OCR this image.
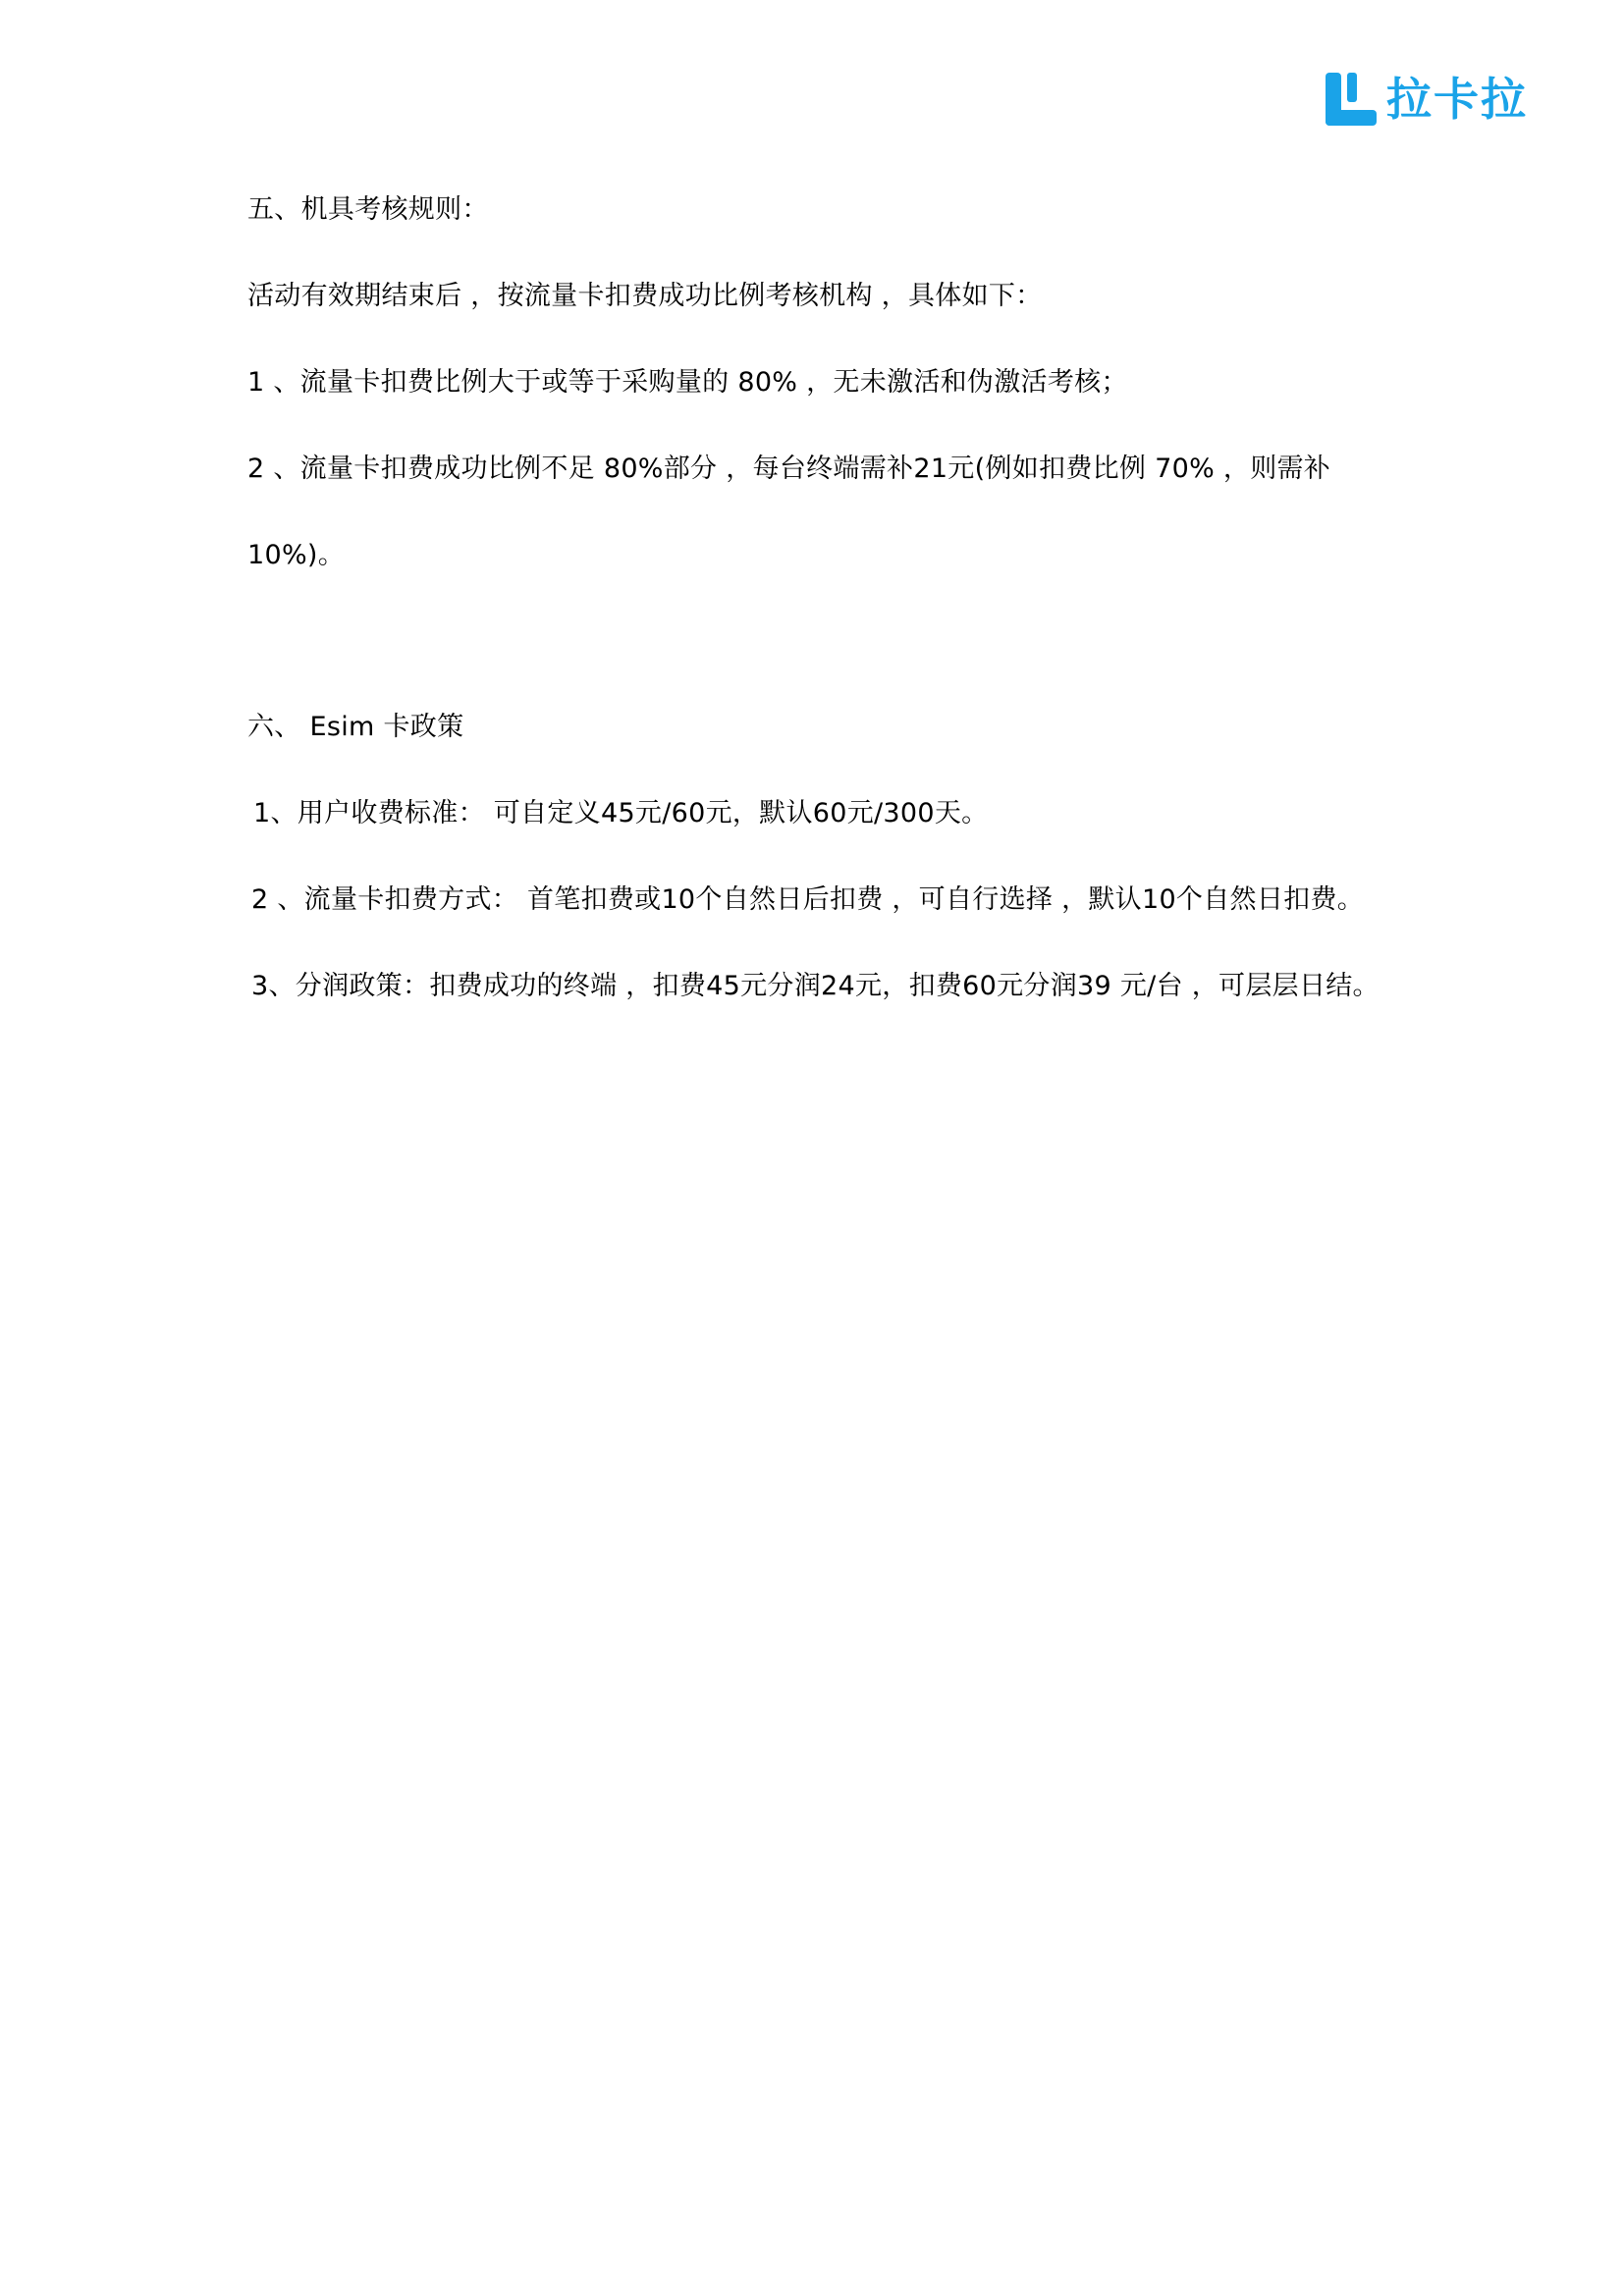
拉卡拉
五、机具考核规则：
活动有效期结束后 ，按流量卡扣费成功比例考核机构 ，具体如下：
1 、流量卡扣费比例大于或等于采购量的 80% ，无未激活和伪激活考核；
2 、流量卡扣费成功比例不足 80%部分 ，每台终端需补21元(例如扣费比例 70% ，则需补
10%)。
六、 Esim 卡政策
1、用户收费标准： 可自定义45元/60元，默认60元/300天。
2 、流量卡扣费方式： 首笔扣费或10个自然日后扣费 ，可自行选择 ，默认10个自然日扣费。
3、分润政策：扣费成功的终端 ，扣费45元分润24元，扣费60元分润39 元/台 ，可层层日结。
